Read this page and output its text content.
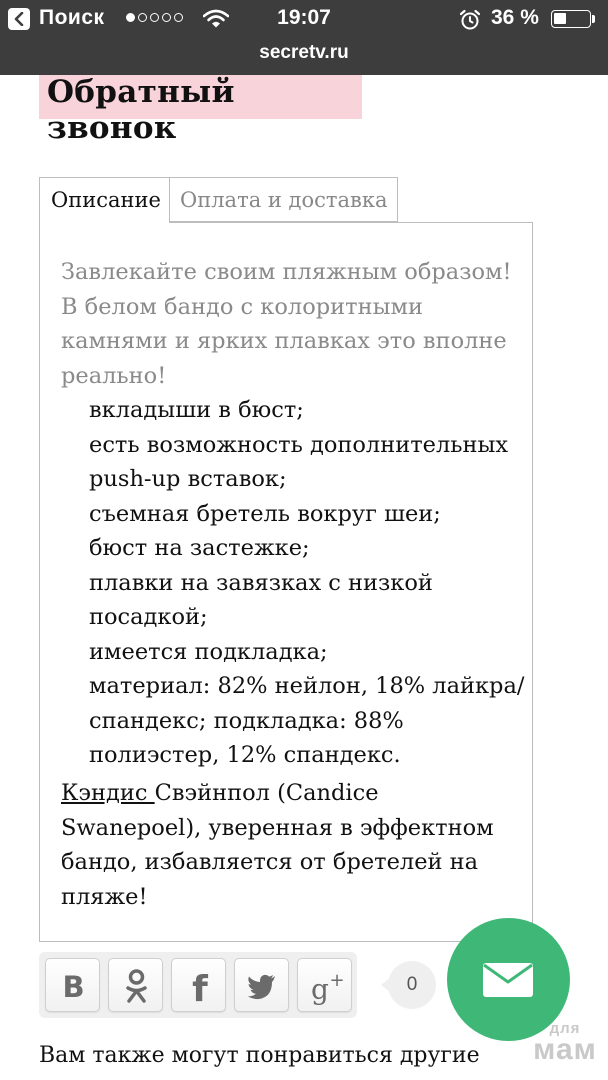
Поиск	19:07	36 %
secretv.ru
Обратный звонок
Описание Оплата и доставка
Завлекайте своим пляжным образом! В белом бандо с колоритными камнями и ярких плавках это вполне реально!
вкладыши в бюст;
есть возможность дополнительных push-up вставок;
съемная бретель вокруг шеи;
бюст на застежке;
плавки на завязках с низкой посадкой;
имеется подкладка;
материал: 82% нейлон, 18% лайкра/спандекс; подкладка: 88% полиэстер, 12% спандекс.
Кэндис Свэйнпол (Candice Swanepoel), уверенная в эффектном бандо, избавляется от бретелей на пляже!
В	f	g +	0
Вам также могут понравиться другие
для
мам
